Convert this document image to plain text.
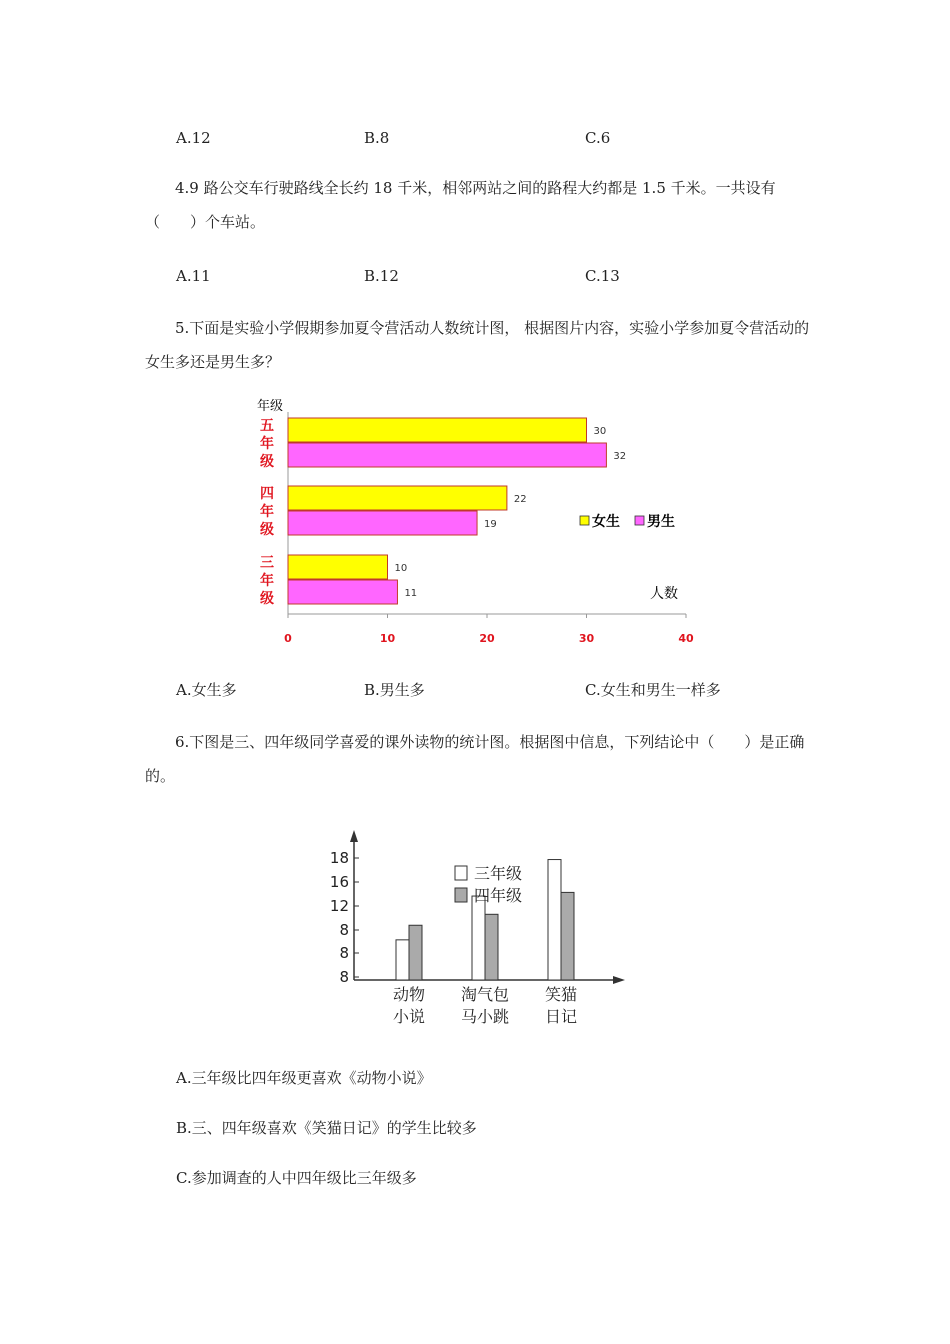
A.12	B.8	C.6
4.9 路公交车行驶路线全长约 18 千米，相邻两站之间的路程大约都是 1.5 千米。一共设有（　　）个车站。
A.11	B.12	C.13
5.下面是实验小学假期参加夏令营活动人数统计图， 根据图片内容，实验小学参加夏令营活动的女生多还是男生多？
年级
五
年
级
30
32
四
年
级
22
19
三
年
级
10
11
0	10	20	30	40
人数
女生 男生
A.女生多	B.男生多	C.女生和男生一样多
6.下图是三、四年级同学喜爱的课外读物的统计图。根据图中信息，下列结论中（　　）是正确的。
18
16
12
8
8
8
动物
小说
淘气包
马小跳
笑猫
日记
三年级
四年级
A.三年级比四年级更喜欢《动物小说》
B.三、四年级喜欢《笑猫日记》的学生比较多
C.参加调查的人中四年级比三年级多
